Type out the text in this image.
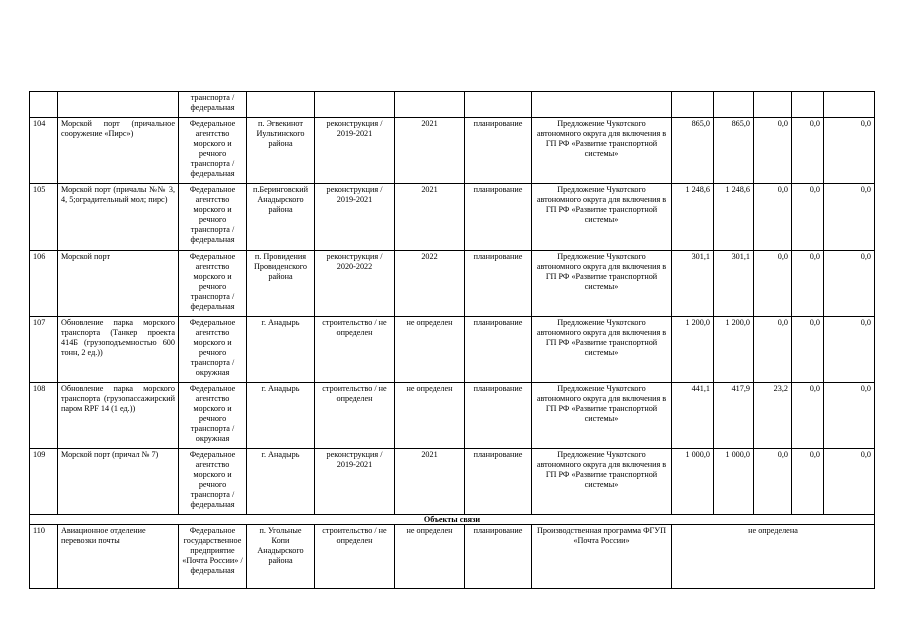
		транспорта / федеральная										
104	Морской порт (причальное сооружение «Пирс»)	Федеральное агентство морского и речного транспорта / федеральная	п. Эгвекинот Иультинского района	реконструкция / 2019-2021	2021	планирование	Предложение Чукотского автономного округа для включения в ГП РФ «Развитие транспортной системы»	865,0	865,0	0,0	0,0	0,0
105	Морской порт (причалы №№ 3, 4, 5;оградительный мол; пирс)	Федеральное агентство морского и речного транспорта / федеральная	п.Беринговский Анадырского района	реконструкция / 2019-2021	2021	планирование	Предложение Чукотского автономного округа для включения в ГП РФ «Развитие транспортной системы»	1 248,6	1 248,6	0,0	0,0	0,0
106	Морской порт	Федеральное агентство морского и речного транспорта / федеральная	п. Провидения Провиденского района	реконструкция / 2020-2022	2022	планирование	Предложение Чукотского автономного округа для включения в ГП РФ «Развитие транспортной системы»	301,1	301,1	0,0	0,0	0,0
107	Обновление парка морского транспорта (Танкер проекта 414Б (грузоподъемностью 600 тонн, 2 ед.))	Федеральное агентство морского и речного транспорта / окружная	г. Анадырь	строительство / не определен	не определен	планирование	Предложение Чукотского автономного округа для включения в ГП РФ «Развитие транспортной системы»	1 200,0	1 200,0	0,0	0,0	0,0
108	Обновление парка морского транспорта (грузопассажирский паром RPF 14 (1 ед.))	Федеральное агентство морского и речного транспорта / окружная	г. Анадырь	строительство / не определен	не определен	планирование	Предложение Чукотского автономного округа для включения в ГП РФ «Развитие транспортной системы»	441,1	417,9	23,2	0,0	0,0
109	Морской порт (причал № 7)	Федеральное агентство морского и речного транспорта / федеральная	г. Анадырь	реконструкция / 2019-2021	2021	планирование	Предложение Чукотского автономного округа для включения в ГП РФ «Развитие транспортной системы»	1 000,0	1 000,0	0,0	0,0	0,0
Объекты связи												
110	Авиационное отделение перевозки почты	Федеральное государственное предприятие «Почта России» / федеральная	п. Угольные Копи Анадырского района	строительство / не определен	не определен	планирование	Производственная программа ФГУП «Почта России»	не определена				
